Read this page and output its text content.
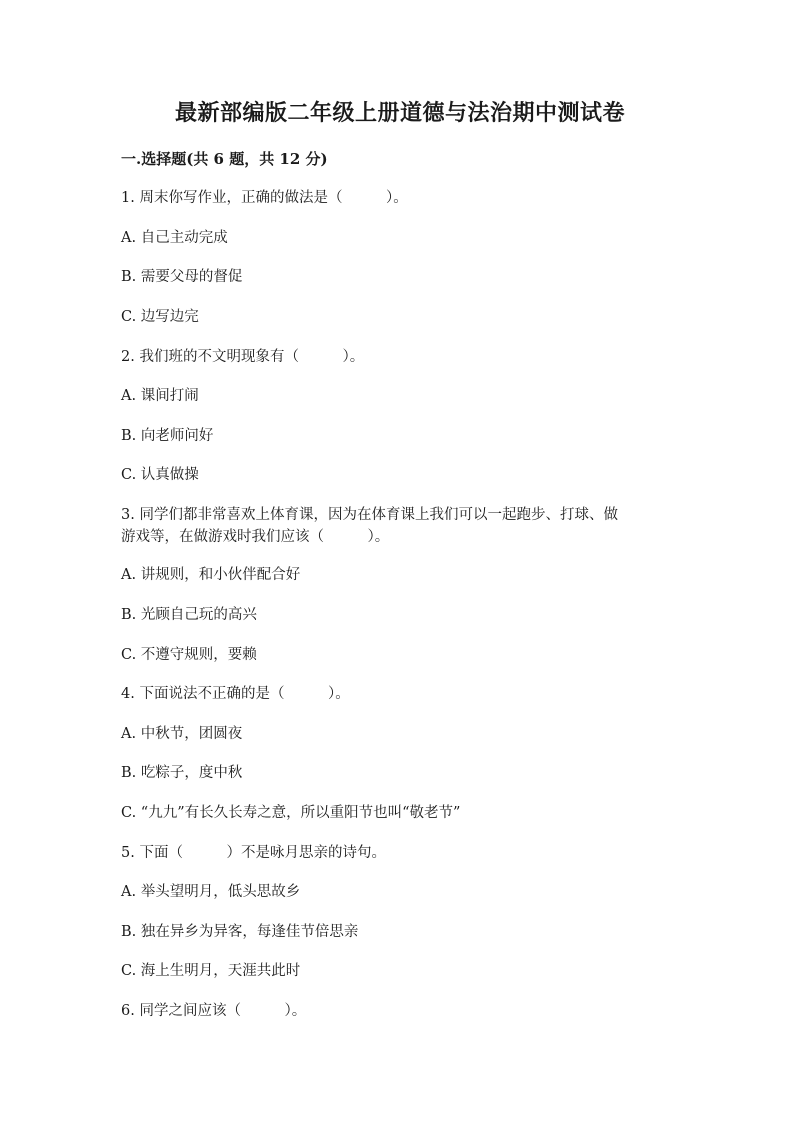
最新部编版二年级上册道德与法治期中测试卷
一.选择题(共 6 题，共 12 分)
1. 周末你写作业，正确的做法是（　　　）。
A. 自己主动完成
B. 需要父母的督促
C. 边写边完
2. 我们班的不文明现象有（　　　）。
A. 课间打闹
B. 向老师问好
C. 认真做操
3. 同学们都非常喜欢上体育课，因为在体育课上我们可以一起跑步、打球、做
游戏等，在做游戏时我们应该（　　　）。
A. 讲规则，和小伙伴配合好
B. 光顾自己玩的高兴
C. 不遵守规则，要赖
4. 下面说法不正确的是（　　　）。
A. 中秋节，团圆夜
B. 吃粽子，度中秋
C. “九九”有长久长寿之意，所以重阳节也叫“敬老节”
5. 下面（　　　）不是咏月思亲的诗句。
A. 举头望明月，低头思故乡
B. 独在异乡为异客，每逢佳节倍思亲
C. 海上生明月，天涯共此时
6. 同学之间应该（　　　）。
